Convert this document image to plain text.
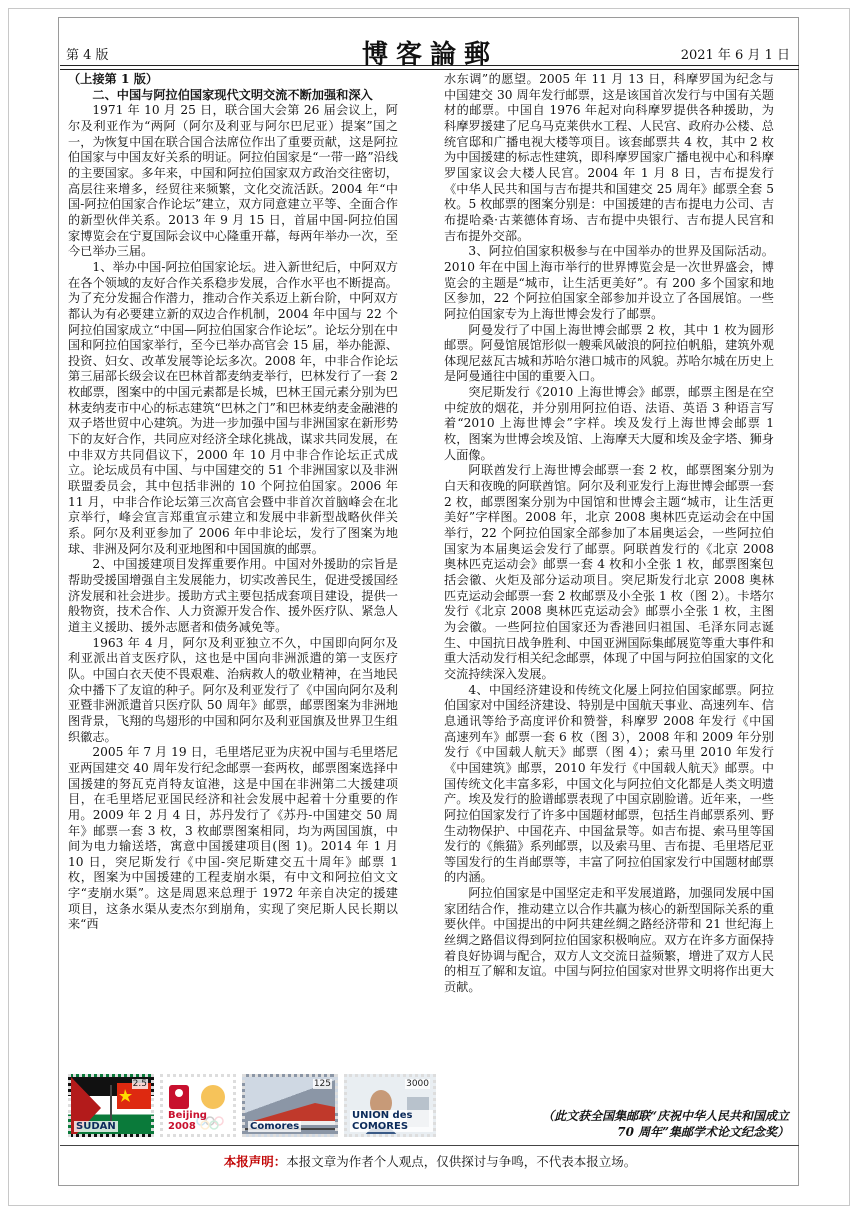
第 4 版	博客論郵	2021 年 6 月 1 日

（上接第 1 版）

二、中国与阿拉伯国家现代文明交流不断加强和深入

1971 年 10 月 25 日，联合国大会第 26 届会议上，阿尔及利亚作为“两阿（阿尔及利亚与阿尔巴尼亚）提案”国之一，为恢复中国在联合国合法席位作出了重要贡献，这是阿拉伯国家与中国友好关系的明证。阿拉伯国家是“一带一路”沿线的主要国家。多年来，中国和阿拉伯国家双方政治交往密切，高层往来增多，经贸往来频繁，文化交流活跃。2004 年“中国-阿拉伯国家合作论坛”建立，双方同意建立平等、全面合作的新型伙伴关系。2013 年 9 月 15 日，首届中国-阿拉伯国家博览会在宁夏国际会议中心隆重开幕，每两年举办一次，至今已举办三届。

1、举办中国-阿拉伯国家论坛。进入新世纪后，中阿双方在各个领域的友好合作关系稳步发展，合作水平也不断提高。为了充分发掘合作潜力，推动合作关系迈上新台阶，中阿双方都认为有必要建立新的双边合作机制，2004 年中国与 22 个阿拉伯国家成立“中国—阿拉伯国家合作论坛”。论坛分别在中国和阿拉伯国家举行，至今已举办高官会 15 届，举办能源、投资、妇女、改革发展等论坛多次。2008 年，中非合作论坛第三届部长级会议在巴林首都麦纳麦举行，巴林发行了一套 2 枚邮票，图案中的中国元素都是长城，巴林王国元素分别为巴林麦纳麦市中心的标志建筑“巴林之门”和巴林麦纳麦金融港的双子塔世贸中心建筑。为进一步加强中国与非洲国家在新形势下的友好合作，共同应对经济全球化挑战，谋求共同发展，在中非双方共同倡议下，2000 年 10 月中非合作论坛正式成立。论坛成员有中国、与中国建交的 51 个非洲国家以及非洲联盟委员会，其中包括非洲的 10 个阿拉伯国家。2006 年 11 月，中非合作论坛第三次高官会暨中非首次首脑峰会在北京举行，峰会宣言郑重宣示建立和发展中非新型战略伙伴关系。阿尔及利亚参加了 2006 年中非论坛，发行了图案为地球、非洲及阿尔及利亚地图和中国国旗的邮票。

2、中国援建项目发挥重要作用。中国对外援助的宗旨是帮助受援国增强自主发展能力，切实改善民生，促进受援国经济发展和社会进步。援助方式主要包括成套项目建设，提供一般物资，技术合作、人力资源开发合作、援外医疗队、紧急人道主义援助、援外志愿者和债务减免等。

1963 年 4 月，阿尔及利亚独立不久，中国即向阿尔及利亚派出首支医疗队，这也是中国向非洲派遣的第一支医疗队。中国白衣天使不畏艰难、治病救人的敬业精神，在当地民众中播下了友谊的种子。阿尔及利亚发行了《中国向阿尔及利亚暨非洲派遣首只医疗队 50 周年》邮票，邮票图案为非洲地图背景，飞翔的鸟翅形的中国和阿尔及利亚国旗及世界卫生组织徽志。

2005 年 7 月 19 日，毛里塔尼亚为庆祝中国与毛里塔尼亚两国建交 40 周年发行纪念邮票一套两枚，邮票图案选择中国援建的努瓦克肖特友谊港，这是中国在非洲第二大援建项目，在毛里塔尼亚国民经济和社会发展中起着十分重要的作用。2009 年 2 月 4 日，苏丹发行了《苏丹-中国建交 50 周年》邮票一套 3 枚，3 枚邮票图案相同，均为两国国旗，中间为电力输送塔，寓意中国援建项目(图 1)。2014 年 1 月 10 日，突尼斯发行《中国-突尼斯建交五十周年》邮票 1 枚，图案为中国援建的工程麦崩水渠，有中文和阿拉伯文文字“麦崩水渠”。这是周恩来总理于 1972 年亲自决定的援建项目，这条水渠从麦杰尔到崩角，实现了突尼斯人民长期以来“西

水东调”的愿望。2005 年 11 月 13 日，科摩罗国为纪念与中国建交 30 周年发行邮票，这是该国首次发行与中国有关题材的邮票。中国自 1976 年起对向科摩罗提供各种援助，为科摩罗援建了尼乌马克莱供水工程、人民宫、政府办公楼、总统官邸和广播电视大楼等项目。该套邮票共 4 枚，其中 2 枚为中国援建的标志性建筑，即科摩罗国家广播电视中心和科摩罗国家议会大楼人民宫。2004 年 1 月 8 日，吉布提发行《中华人民共和国与吉布提共和国建交 25 周年》邮票全套 5 枚。5 枚邮票的图案分别是：中国援建的吉布提电力公司、吉布提哈桑·古莱德体育场、吉布提中央银行、吉布提人民宫和吉布提外交部。

3、阿拉伯国家积极参与在中国举办的世界及国际活动。2010 年在中国上海市举行的世界博览会是一次世界盛会，博览会的主题是“城市，让生活更美好”。有 200 多个国家和地区参加，22 个阿拉伯国家全部参加并设立了各国展馆。一些阿拉伯国家专为上海世博会发行了邮票。

阿曼发行了中国上海世博会邮票 2 枚，其中 1 枚为圆形邮票。阿曼馆展馆形似一艘乘风破浪的阿拉伯帆船，建筑外观体现尼兹瓦古城和苏哈尔港口城市的风貌。苏哈尔城在历史上是阿曼通往中国的重要入口。

突尼斯发行《2010 上海世博会》邮票，邮票主图是在空中绽放的烟花，并分别用阿拉伯语、法语、英语 3 种语言写着“2010 上海世博会”字样。埃及发行上海世博会邮票 1 枚，图案为世博会埃及馆、上海摩天大厦和埃及金字塔、狮身人面像。

阿联酋发行上海世博会邮票一套 2 枚，邮票图案分别为白天和夜晚的阿联酋馆。阿尔及利亚发行上海世博会邮票一套 2 枚，邮票图案分别为中国馆和世博会主题“城市，让生活更美好”字样图。2008 年，北京 2008 奥林匹克运动会在中国举行，22 个阿拉伯国家全部参加了本届奥运会，一些阿拉伯国家为本届奥运会发行了邮票。阿联酋发行的《北京 2008 奥林匹克运动会》邮票一套 4 枚和小全张 1 枚，邮票图案包括会徽、火炬及部分运动项目。突尼斯发行北京 2008 奥林匹克运动会邮票一套 2 枚邮票及小全张 1 枚（图 2）。卡塔尔发行《北京 2008 奥林匹克运动会》邮票小全张 1 枚，主图为会徽。一些阿拉伯国家还为香港回归祖国、毛泽东同志诞生、中国抗日战争胜利、中国亚洲国际集邮展览等重大事件和重大活动发行相关纪念邮票，体现了中国与阿拉伯国家的文化交流持续深入发展。

4、中国经济建设和传统文化屡上阿拉伯国家邮票。阿拉伯国家对中国经济建设、特别是中国航天事业、高速列车、信息通讯等给予高度评价和赞誉，科摩罗 2008 年发行《中国高速列车》邮票一套 6 枚（图 3），2008 年和 2009 年分别发行《中国载人航天》邮票（图 4）；索马里 2010 年发行《中国建筑》邮票，2010 年发行《中国载人航天》邮票。中国传统文化丰富多彩，中国文化与阿拉伯文化都是人类文明遗产。埃及发行的脸谱邮票表现了中国京剧脸谱。近年来，一些阿拉伯国家发行了许多中国题材邮票，包括生肖邮票系列、野生动物保护、中国花卉、中国盆景等。如吉布提、索马里等国发行的《熊猫》系列邮票，以及索马里、吉布提、毛里塔尼亚等国发行的生肖邮票等，丰富了阿拉伯国家发行中国题材邮票的内涵。

阿拉伯国家是中国坚定走和平发展道路，加强同发展中国家团结合作，推动建立以合作共赢为核心的新型国际关系的重要伙伴。中国提出的中阿共建丝绸之路经济带和 21 世纪海上丝绸之路倡议得到阿拉伯国家积极响应。双方在许多方面保持着良好协调与配合，双方人文交流日益频繁，增进了双方人民的相互了解和友谊。中国与阿拉伯国家对世界文明将作出更大贡献。

（此文获全国集邮联“庆祝中华人民共和国成立
70 周年”集邮学术论文纪念奖）
2.5
SUDAN
Beijing 2008
125
Comores
3000
UNION des COMORES
本报声明：本报文章为作者个人观点，仅供探讨与争鸣，不代表本报立场。
